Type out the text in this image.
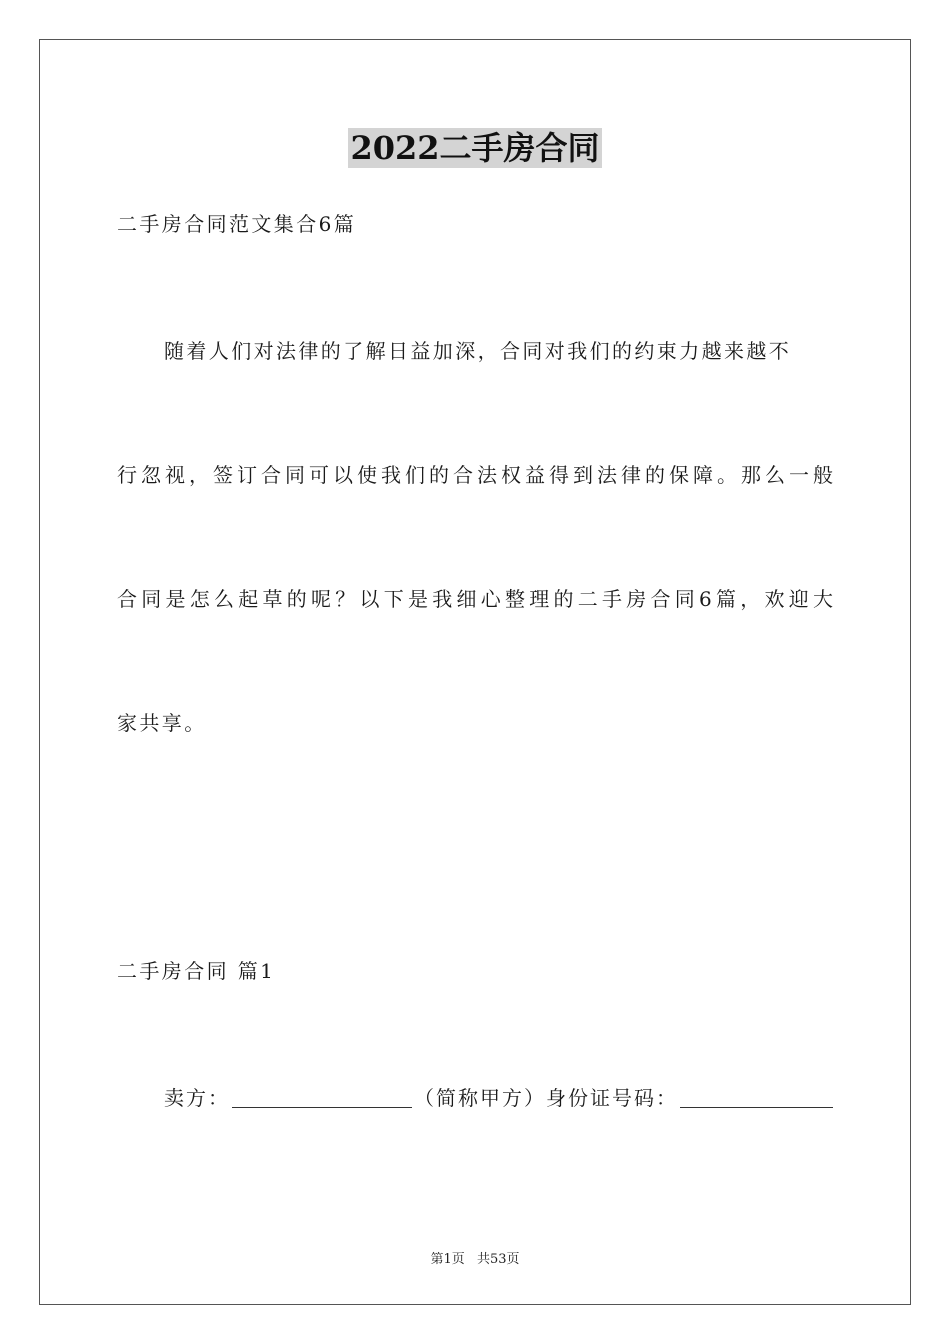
2022二手房合同
二手房合同范文集合6篇
随着人们对法律的了解日益加深，合同对我们的约束力越来越不
行忽视，签订合同可以使我们的合法权益得到法律的保障。那么一般
合同是怎么起草的呢？以下是我细心整理的二手房合同6篇，欢迎大
家共享。
二手房合同 篇1
卖方：	（简称甲方）身份证号码：
第1页 共53页
